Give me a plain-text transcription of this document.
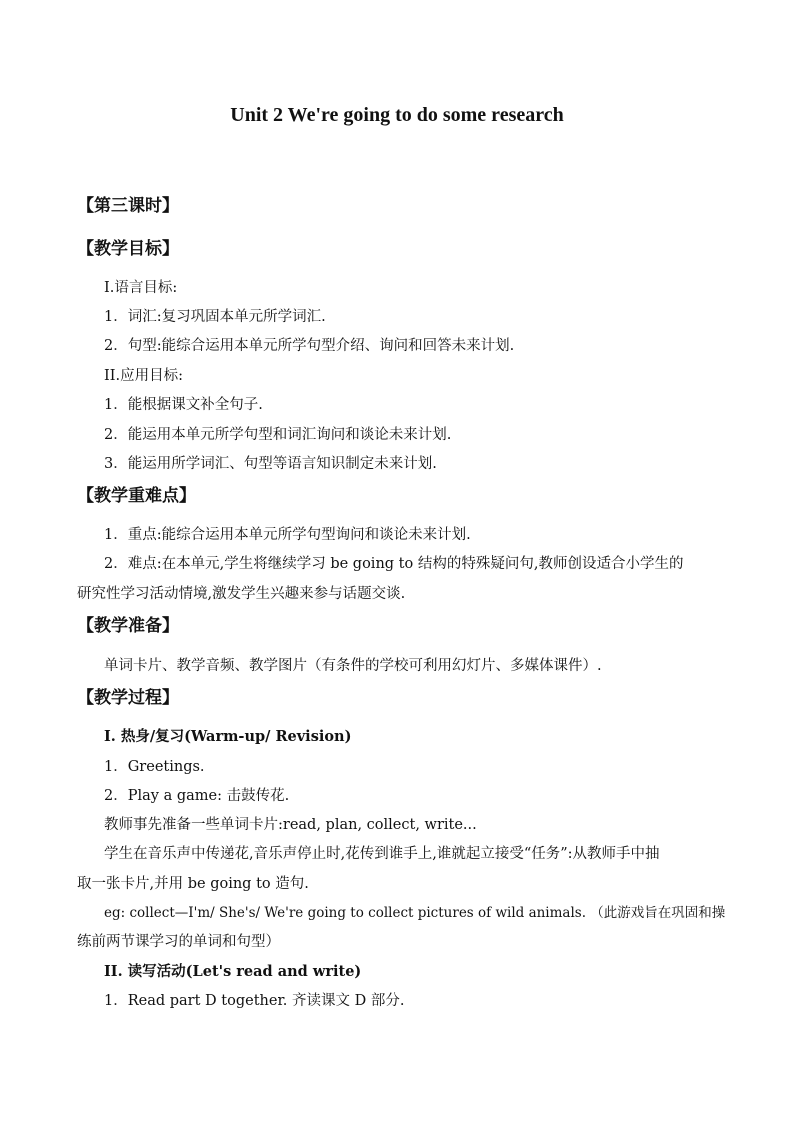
Unit 2 We're going to do some research
【第三课时】
【教学目标】
I.语言目标:
1．词汇:复习巩固本单元所学词汇.
2．句型:能综合运用本单元所学句型介绍、询问和回答未来计划.
II.应用目标:
1．能根据课文补全句子.
2．能运用本单元所学句型和词汇询问和谈论未来计划.
3．能运用所学词汇、句型等语言知识制定未来计划.
【教学重难点】
1．重点:能综合运用本单元所学句型询问和谈论未来计划.
2．难点:在本单元,学生将继续学习 be going to 结构的特殊疑问句,教师创设适合小学生的
研究性学习活动情境,激发学生兴趣来参与话题交谈.
【教学准备】
单词卡片、教学音频、教学图片（有条件的学校可利用幻灯片、多媒体课件）.
【教学过程】
I. 热身/复习(Warm-up/ Revision)
1．Greetings.
2．Play a game: 击鼓传花.
教师事先准备一些单词卡片:read, plan, collect, write...
学生在音乐声中传递花,音乐声停止时,花传到谁手上,谁就起立接受“任务”:从教师手中抽
取一张卡片,并用 be going to 造句.
eg: collect—I'm/ She's/ We're going to collect pictures of wild animals. （此游戏旨在巩固和操
练前两节课学习的单词和句型）
II. 读写活动(Let's read and write)
1．Read part D together. 齐读课文 D 部分.
